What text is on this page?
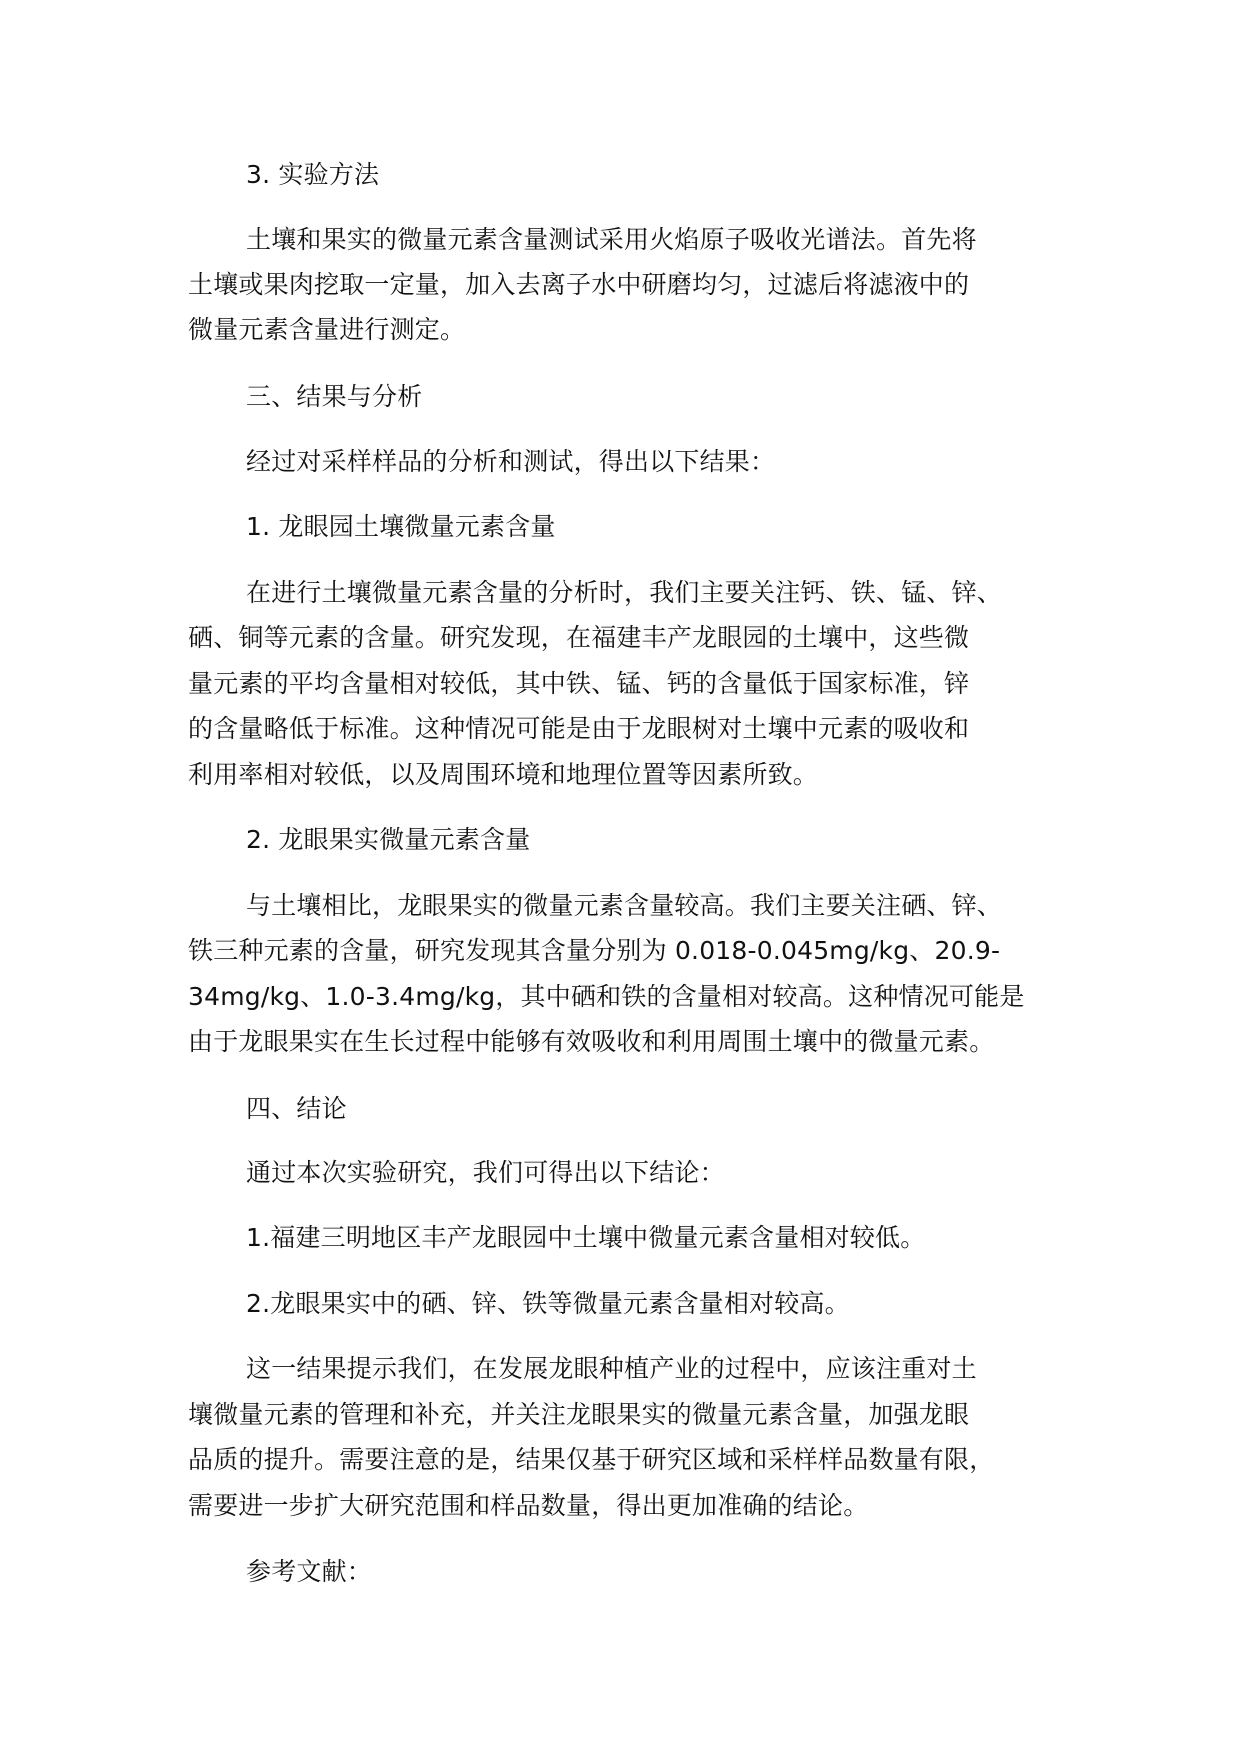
3. 实验方法

土壤和果实的微量元素含量测试采用火焰原子吸收光谱法。首先将

土壤或果肉挖取一定量，加入去离子水中研磨均匀，过滤后将滤液中的

微量元素含量进行测定。

三、结果与分析

经过对采样样品的分析和测试，得出以下结果：

1. 龙眼园土壤微量元素含量

在进行土壤微量元素含量的分析时，我们主要关注钙、铁、锰、锌、

硒、铜等元素的含量。研究发现，在福建丰产龙眼园的土壤中，这些微

量元素的平均含量相对较低，其中铁、锰、钙的含量低于国家标准，锌

的含量略低于标准。这种情况可能是由于龙眼树对土壤中元素的吸收和

利用率相对较低，以及周围环境和地理位置等因素所致。

2. 龙眼果实微量元素含量

与土壤相比，龙眼果实的微量元素含量较高。我们主要关注硒、锌、

铁三种元素的含量，研究发现其含量分别为 0.018-0.045mg/kg、20.9-

34mg/kg、1.0-3.4mg/kg，其中硒和铁的含量相对较高。这种情况可能是

由于龙眼果实在生长过程中能够有效吸收和利用周围土壤中的微量元素。

四、结论

通过本次实验研究，我们可得出以下结论：

1.福建三明地区丰产龙眼园中土壤中微量元素含量相对较低。

2.龙眼果实中的硒、锌、铁等微量元素含量相对较高。

这一结果提示我们，在发展龙眼种植产业的过程中，应该注重对土

壤微量元素的管理和补充，并关注龙眼果实的微量元素含量，加强龙眼

品质的提升。需要注意的是，结果仅基于研究区域和采样样品数量有限，

需要进一步扩大研究范围和样品数量，得出更加准确的结论。

参考文献：
